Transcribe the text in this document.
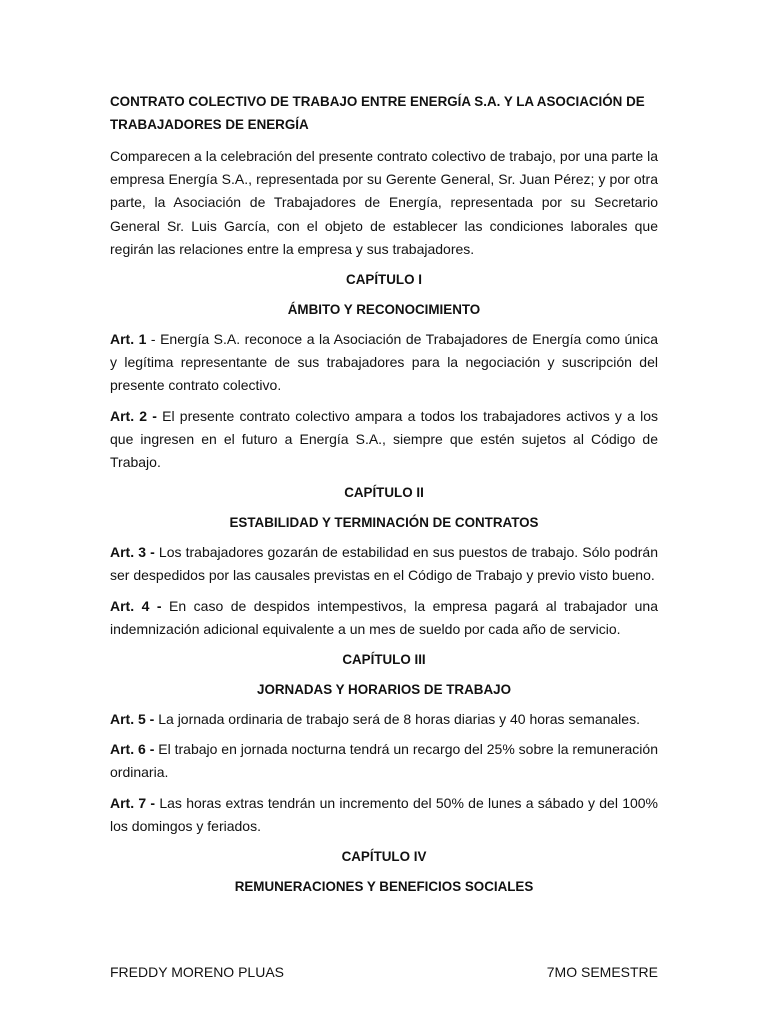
CONTRATO COLECTIVO DE TRABAJO ENTRE ENERGÍA S.A. Y LA ASOCIACIÓN DE TRABAJADORES DE ENERGÍA

Comparecen a la celebración del presente contrato colectivo de trabajo, por una parte la empresa Energía S.A., representada por su Gerente General, Sr. Juan Pérez; y por otra parte, la Asociación de Trabajadores de Energía, representada por su Secretario General Sr. Luis García, con el objeto de establecer las condiciones laborales que regirán las relaciones entre la empresa y sus trabajadores.

CAPÍTULO I
ÁMBITO Y RECONOCIMIENTO

Art. 1 - Energía S.A. reconoce a la Asociación de Trabajadores de Energía como única y legítima representante de sus trabajadores para la negociación y suscripción del presente contrato colectivo.

Art. 2 - El presente contrato colectivo ampara a todos los trabajadores activos y a los que ingresen en el futuro a Energía S.A., siempre que estén sujetos al Código de Trabajo.

CAPÍTULO II
ESTABILIDAD Y TERMINACIÓN DE CONTRATOS

Art. 3 - Los trabajadores gozarán de estabilidad en sus puestos de trabajo. Sólo podrán ser despedidos por las causales previstas en el Código de Trabajo y previo visto bueno.

Art. 4 - En caso de despidos intempestivos, la empresa pagará al trabajador una indemnización adicional equivalente a un mes de sueldo por cada año de servicio.

CAPÍTULO III
JORNADAS Y HORARIOS DE TRABAJO

Art. 5 - La jornada ordinaria de trabajo será de 8 horas diarias y 40 horas semanales.

Art. 6 - El trabajo en jornada nocturna tendrá un recargo del 25% sobre la remuneración ordinaria.

Art. 7 - Las horas extras tendrán un incremento del 50% de lunes a sábado y del 100% los domingos y feriados.

CAPÍTULO IV
REMUNERACIONES Y BENEFICIOS SOCIALES
FREDDY MORENO PLUAS	7MO SEMESTRE
